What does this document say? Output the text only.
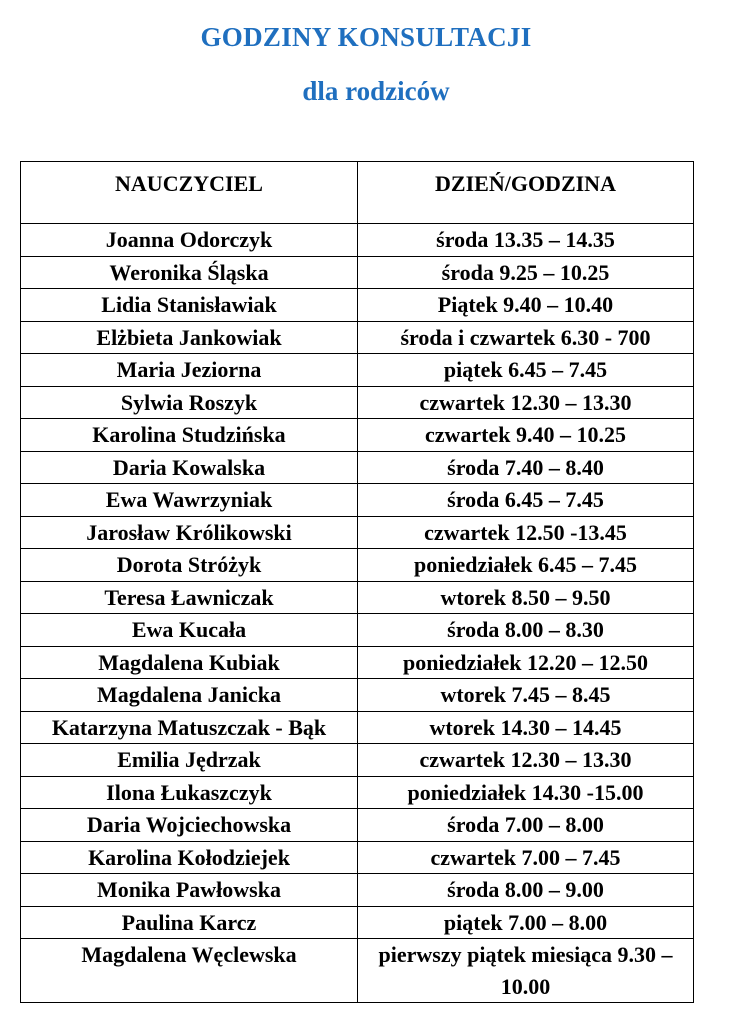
GODZINY KONSULTACJI
dla rodziców
NAUCZYCIEL	DZIEŃ/GODZINA
Joanna Odorczyk	środa 13.35 – 14.35
Weronika Śląska	środa 9.25 – 10.25
Lidia Stanisławiak	Piątek 9.40 – 10.40
Elżbieta Jankowiak	środa i czwartek 6.30 - 700
Maria Jeziorna	piątek 6.45 – 7.45
Sylwia Roszyk	czwartek 12.30 – 13.30
Karolina Studzińska	czwartek 9.40 – 10.25
Daria Kowalska	środa 7.40 – 8.40
Ewa Wawrzyniak	środa 6.45 – 7.45
Jarosław Królikowski	czwartek 12.50 -13.45
Dorota Stróżyk	poniedziałek 6.45 – 7.45
Teresa Ławniczak	wtorek 8.50 – 9.50
Ewa Kucała	środa 8.00 – 8.30
Magdalena Kubiak	poniedziałek 12.20 – 12.50
Magdalena Janicka	wtorek 7.45 – 8.45
Katarzyna Matuszczak - Bąk	wtorek 14.30 – 14.45
Emilia Jędrzak	czwartek 12.30 – 13.30
Ilona Łukaszczyk	poniedziałek 14.30 -15.00
Daria Wojciechowska	środa 7.00 – 8.00
Karolina Kołodziejek	czwartek 7.00 – 7.45
Monika Pawłowska	środa 8.00 – 9.00
Paulina Karcz	piątek 7.00 – 8.00
Magdalena Węclewska	pierwszy piątek miesiąca 9.30 – 10.00
